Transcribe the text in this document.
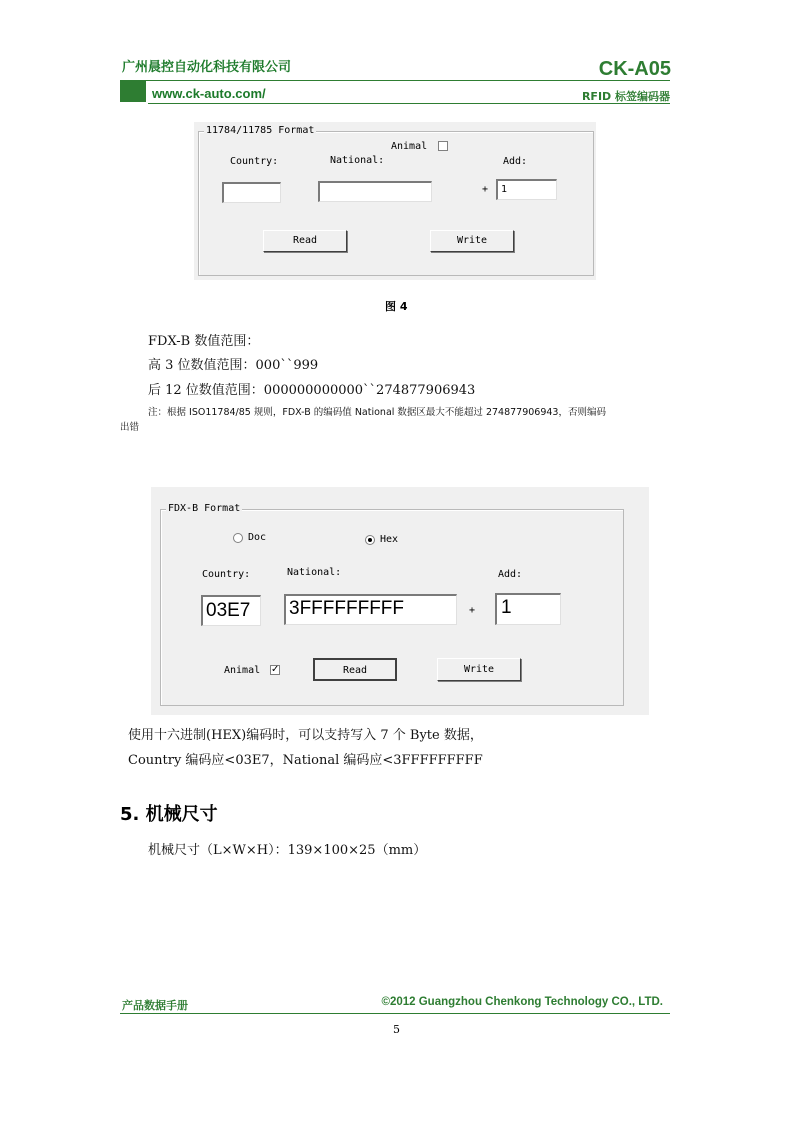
广州晨控自动化科技有限公司	CK-A05
www.ck-auto.com/	RFID 标签编码器
11784/11785 Format
Animal
Country:	National:	Add:
+	1
Read	Write
图 4
FDX-B 数值范围：
高 3 位数值范围：000``999
后 12 位数值范围：000000000000``274877906943
注：根据 ISO11784/85 规则，FDX-B 的编码值 National 数据区最大不能超过 274877906943，否则编码
出错
FDX-B Format
Doc	Hex
Country:	National:	Add:
03E7	3FFFFFFFFF	+	1
Animal ✓	Read	Write
使用十六进制(HEX)编码时，可以支持写入 7 个 Byte 数据，
Country 编码应<03E7，National 编码应<3FFFFFFFFF
5. 机械尺寸
机械尺寸（L×W×H）：139×100×25（mm）
产品数据手册	©2012 Guangzhou Chenkong Technology CO., LTD.
5
